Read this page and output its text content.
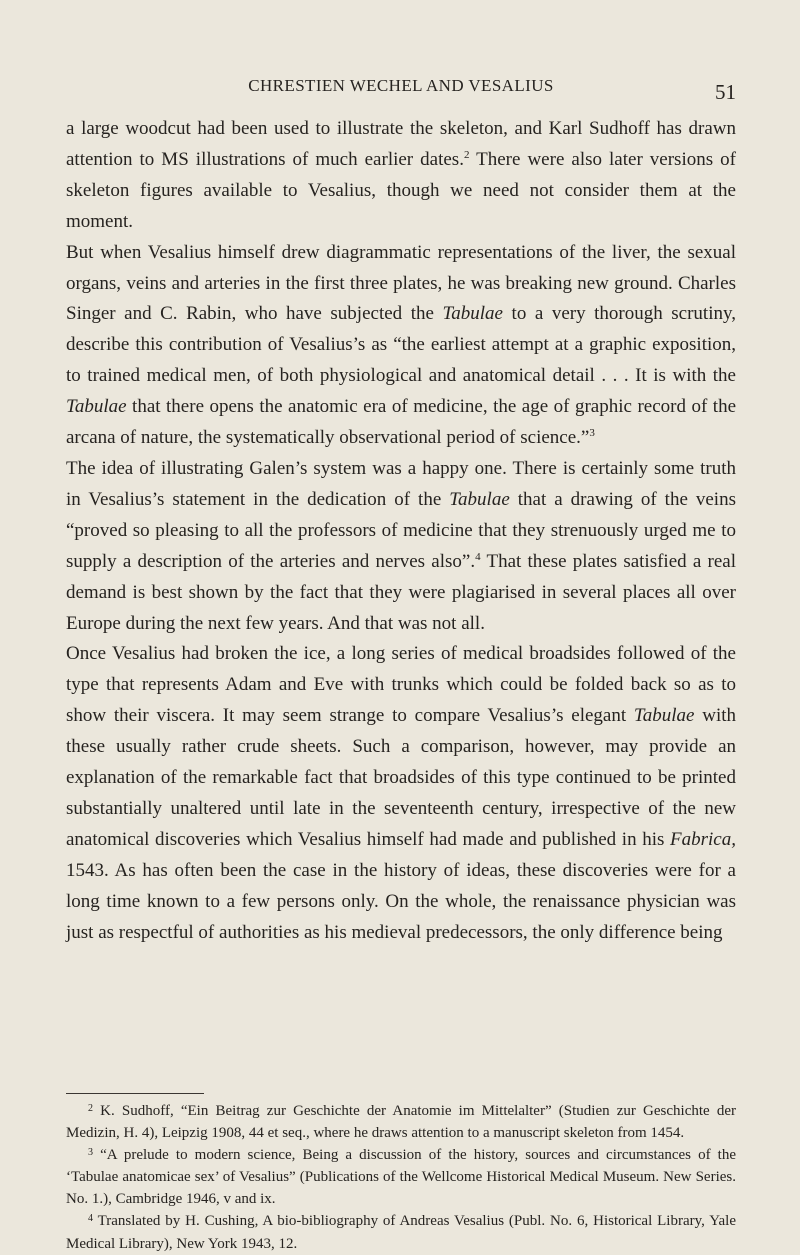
CHRESTIEN WECHEL AND VESALIUS	51

a large woodcut had been used to illustrate the skeleton, and Karl Sudhoff has drawn attention to MS illustrations of much earlier dates.$^2$ There were also later versions of skeleton figures available to Vesalius, though we need not consider them at the moment.

But when Vesalius himself drew diagrammatic representations of the liver, the sexual organs, veins and arteries in the first three plates, he was breaking new ground. Charles Singer and C. Rabin, who have subjected the Tabulae to a very thorough scrutiny, describe this contribution of Vesalius’s as “the earliest attempt at a graphic exposition, to trained medical men, of both physiological and anatomical detail . . . It is with the Tabulae that there opens the anatomic era of medicine, the age of graphic record of the arcana of nature, the systematically observational period of science.”$^3$

The idea of illustrating Galen’s system was a happy one. There is certainly some truth in Vesalius’s statement in the dedication of the Tabulae that a drawing of the veins “proved so pleasing to all the professors of medicine that they strenuously urged me to supply a description of the arteries and nerves also”.$^4$ That these plates satisfied a real demand is best shown by the fact that they were plagiarised in several places all over Europe during the next few years. And that was not all.

Once Vesalius had broken the ice, a long series of medical broadsides followed of the type that represents Adam and Eve with trunks which could be folded back so as to show their viscera. It may seem strange to compare Vesalius’s elegant Tabulae with these usually rather crude sheets. Such a comparison, however, may provide an explanation of the remarkable fact that broadsides of this type continued to be printed substantially unaltered until late in the seventeenth century, irrespective of the new anatomical discoveries which Vesalius himself had made and published in his Fabrica, 1543. As has often been the case in the history of ideas, these discoveries were for a long time known to a few persons only. On the whole, the renaissance physician was just as respectful of authorities as his medieval predecessors, the only difference being

$^2$ K. Sudhoff, “Ein Beitrag zur Geschichte der Anatomie im Mittelalter” (Studien zur Geschichte der Medizin, H. 4), Leipzig 1908, 44 et seq., where he draws attention to a manuscript skeleton from 1454.

$^3$ “A prelude to modern science, Being a discussion of the history, sources and circumstances of the ‘Tabulae anatomicae sex’ of Vesalius” (Publications of the Wellcome Historical Medical Museum. New Series. No. 1.), Cambridge 1946, v and ix.

$^4$ Translated by H. Cushing, A bio-bibliography of Andreas Vesalius (Publ. No. 6, Historical Library, Yale Medical Library), New York 1943, 12.
